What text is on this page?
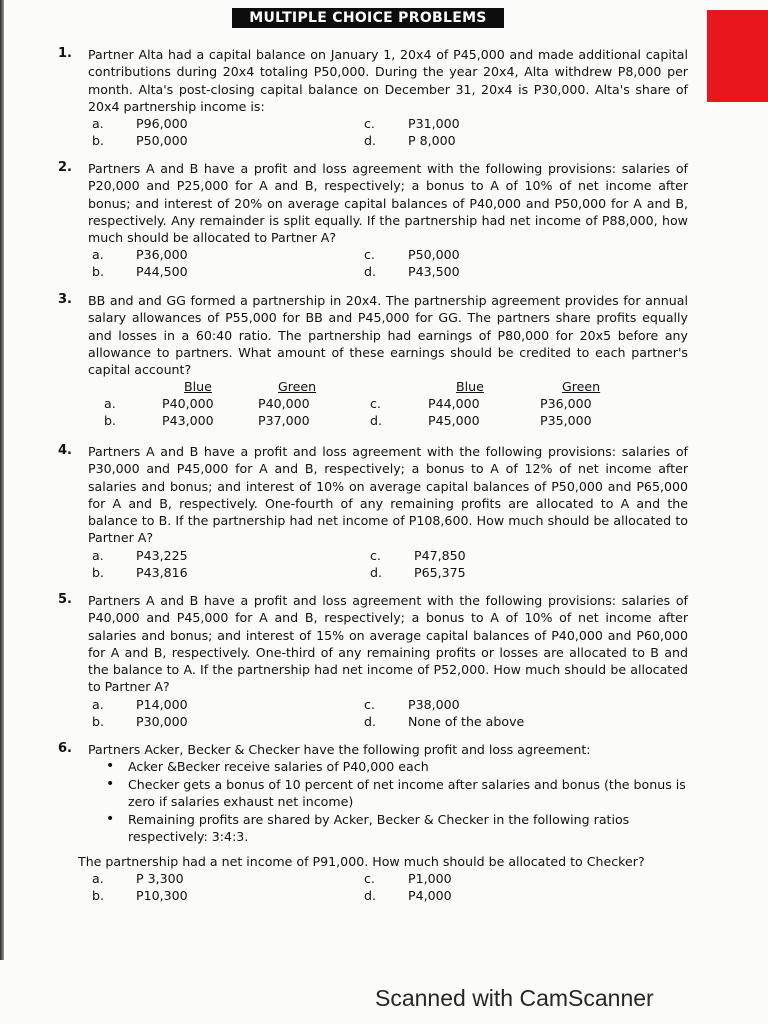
MULTIPLE CHOICE PROBLEMS
1. Partner Alta had a capital balance on January 1, 20x4 of P45,000 and made additional capital contributions during 20x4 totaling P50,000. During the year 20x4, Alta withdrew P8,000 per month. Alta's post-closing capital balance on December 31, 20x4 is P30,000. Alta's share of 20x4 partnership income is:
a.	P96,000
b.	P50,000
c.	P31,000
d.	P 8,000
2. Partners A and B have a profit and loss agreement with the following provisions: salaries of P20,000 and P25,000 for A and B, respectively; a bonus to A of 10% of net income after bonus; and interest of 20% on average capital balances of P40,000 and P50,000 for A and B, respectively. Any remainder is split equally. If the partnership had net income of P88,000, how much should be allocated to Partner A?
a.	P36,000
b.	P44,500
c.	P50,000
d.	P43,500
3. BB and and GG formed a partnership in 20x4. The partnership agreement provides for annual salary allowances of P55,000 for BB and P45,000 for GG. The partners share profits equally and losses in a 60:40 ratio. The partnership had earnings of P80,000 for 20x5 before any allowance to partners. What amount of these earnings should be credited to each partner's capital account?
Blue	Green	Blue	Green
a.	P40,000	P40,000
b.	P43,000	P37,000
c.	P44,000	P36,000
d.	P45,000	P35,000
4. Partners A and B have a profit and loss agreement with the following provisions: salaries of P30,000 and P45,000 for A and B, respectively; a bonus to A of 12% of net income after salaries and bonus; and interest of 10% on average capital balances of P50,000 and P65,000 for A and B, respectively. One-fourth of any remaining profits are allocated to A and the balance to B. If the partnership had net income of P108,600. How much should be allocated to Partner A?
a.	P43,225
b.	P43,816
c.	P47,850
d.	P65,375
5. Partners A and B have a profit and loss agreement with the following provisions: salaries of P40,000 and P45,000 for A and B, respectively; a bonus to A of 10% of net income after salaries and bonus; and interest of 15% on average capital balances of P40,000 and P60,000 for A and B, respectively. One-third of any remaining profits or losses are allocated to B and the balance to A. If the partnership had net income of P52,000. How much should be allocated to Partner A?
a.	P14,000
b.	P30,000
c.	P38,000
d.	None of the above
6. Partners Acker, Becker & Checker have the following profit and loss agreement:
• Acker &Becker receive salaries of P40,000 each
• Checker gets a bonus of 10 percent of net income after salaries and bonus (the bonus is zero if salaries exhaust net income)
• Remaining profits are shared by Acker, Becker & Checker in the following ratios respectively: 3:4:3.
The partnership had a net income of P91,000. How much should be allocated to Checker?
a.	P 3,300
b.	P10,300
c.	P1,000
d.	P4,000
Scanned with CamScanner
